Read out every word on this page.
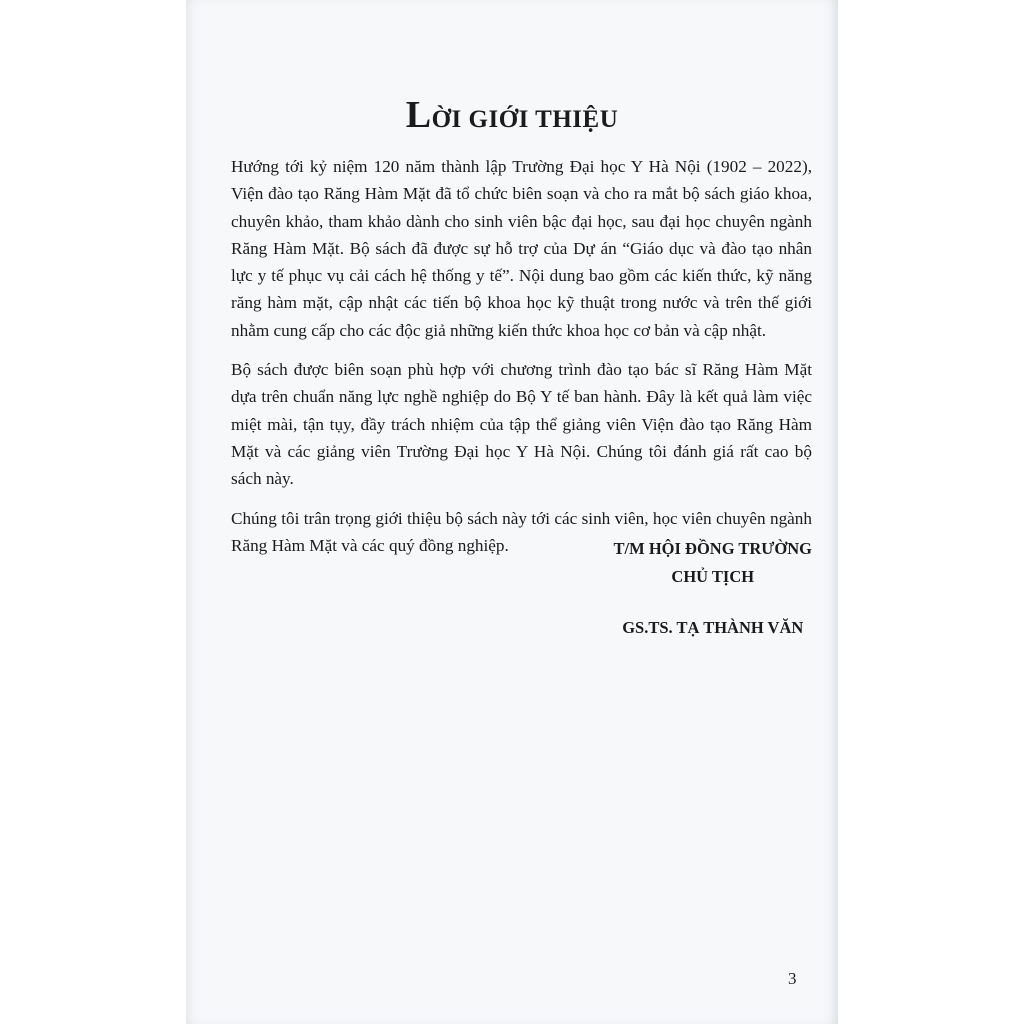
LỜI GIỚI THIỆU

Hướng tới kỷ niệm 120 năm thành lập Trường Đại học Y Hà Nội (1902 – 2022), Viện đào tạo Răng Hàm Mặt đã tổ chức biên soạn và cho ra mắt bộ sách giáo khoa, chuyên khảo, tham khảo dành cho sinh viên bậc đại học, sau đại học chuyên ngành Răng Hàm Mặt. Bộ sách đã được sự hỗ trợ của Dự án “Giáo dục và đào tạo nhân lực y tế phục vụ cải cách hệ thống y tế”. Nội dung bao gồm các kiến thức, kỹ năng răng hàm mặt, cập nhật các tiến bộ khoa học kỹ thuật trong nước và trên thế giới nhằm cung cấp cho các độc giả những kiến thức khoa học cơ bản và cập nhật.

Bộ sách được biên soạn phù hợp với chương trình đào tạo bác sĩ Răng Hàm Mặt dựa trên chuẩn năng lực nghề nghiệp do Bộ Y tế ban hành. Đây là kết quả làm việc miệt mài, tận tụy, đầy trách nhiệm của tập thể giảng viên Viện đào tạo Răng Hàm Mặt và các giảng viên Trường Đại học Y Hà Nội. Chúng tôi đánh giá rất cao bộ sách này.

Chúng tôi trân trọng giới thiệu bộ sách này tới các sinh viên, học viên chuyên ngành Răng Hàm Mặt và các quý đồng nghiệp.	T/M HỘI ĐỒNG TRƯỜNG
CHỦ TỊCH
GS.TS. TẠ THÀNH VĂN
3
